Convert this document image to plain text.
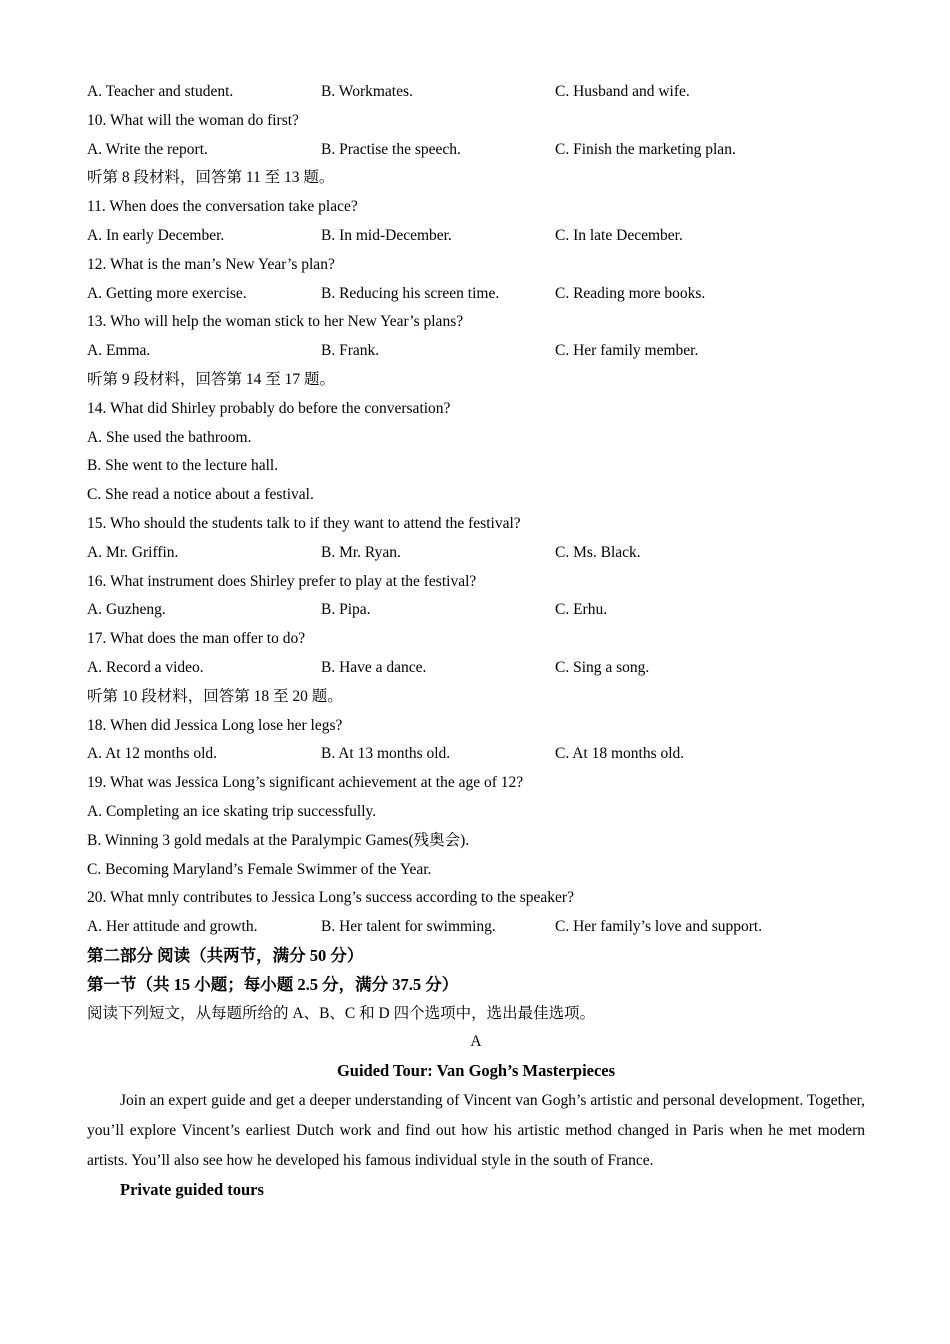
A. Teacher and student.	B. Workmates.	C. Husband and wife.
10. What will the woman do first?
A. Write the report.	B. Practise the speech.	C. Finish the marketing plan.
听第 8 段材料，回答第 11 至 13 题。
11. When does the conversation take place?
A. In early December.	B. In mid-December.	C. In late December.
12. What is the man’s New Year’s plan?
A. Getting more exercise.	B. Reducing his screen time.	C. Reading more books.
13. Who will help the woman stick to her New Year’s plans?
A. Emma.	B. Frank.	C. Her family member.
听第 9 段材料，回答第 14 至 17 题。
14. What did Shirley probably do before the conversation?
A. She used the bathroom.
B. She went to the lecture hall.
C. She read a notice about a festival.
15. Who should the students talk to if they want to attend the festival?
A. Mr. Griffin.	B. Mr. Ryan.	C. Ms. Black.
16. What instrument does Shirley prefer to play at the festival?
A. Guzheng.	B. Pipa.	C. Erhu.
17. What does the man offer to do?
A. Record a video.	B. Have a dance.	C. Sing a song.
听第 10 段材料，回答第 18 至 20 题。
18. When did Jessica Long lose her legs?
A. At 12 months old.	B. At 13 months old.	C. At 18 months old.
19. What was Jessica Long’s significant achievement at the age of 12?
A. Completing an ice skating trip successfully.
B. Winning 3 gold medals at the Paralympic Games(残奥会).
C. Becoming Maryland’s Female Swimmer of the Year.
20. What mnly contributes to Jessica Long’s success according to the speaker?
A. Her attitude and growth.	B. Her talent for swimming.	C. Her family’s love and support.
第二部分 阅读（共两节，满分 50 分）
第一节（共 15 小题；每小题 2.5 分，满分 37.5 分）
阅读下列短文，从每题所给的 A、B、C 和 D 四个选项中，选出最佳选项。
A
Guided Tour: Van Gogh’s Masterpieces

Join an expert guide and get a deeper understanding of Vincent van Gogh’s artistic and personal development. Together, you’ll explore Vincent’s earliest Dutch work and find out how his artistic method changed in Paris when he met modern artists. You’ll also see how he developed his famous individual style in the south of France.

Private guided tours
